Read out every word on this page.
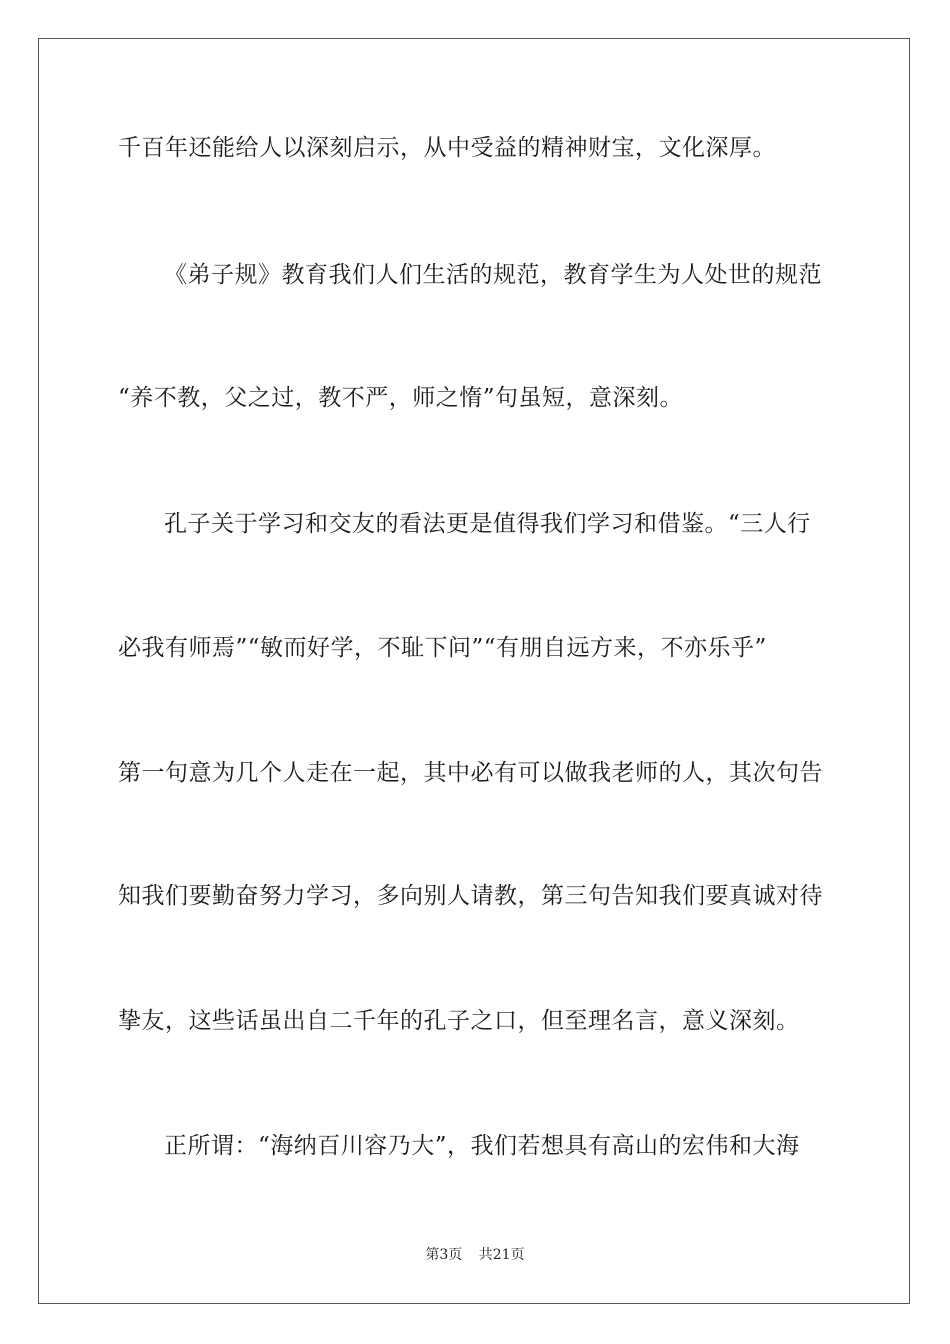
千百年还能给人以深刻启示，从中受益的精神财宝，文化深厚。
《弟子规》教育我们人们生活的规范，教育学生为人处世的规范
“养不教，父之过，教不严，师之惰”句虽短，意深刻。
孔子关于学习和交友的看法更是值得我们学习和借鉴。“三人行
必我有师焉”“敏而好学，不耻下问”“有朋自远方来，不亦乐乎”
第一句意为几个人走在一起，其中必有可以做我老师的人，其次句告
知我们要勤奋努力学习，多向别人请教，第三句告知我们要真诚对待
挚友，这些话虽出自二千年的孔子之口，但至理名言，意义深刻。
正所谓：“海纳百川容乃大”，我们若想具有高山的宏伟和大海
第3页 共21页
